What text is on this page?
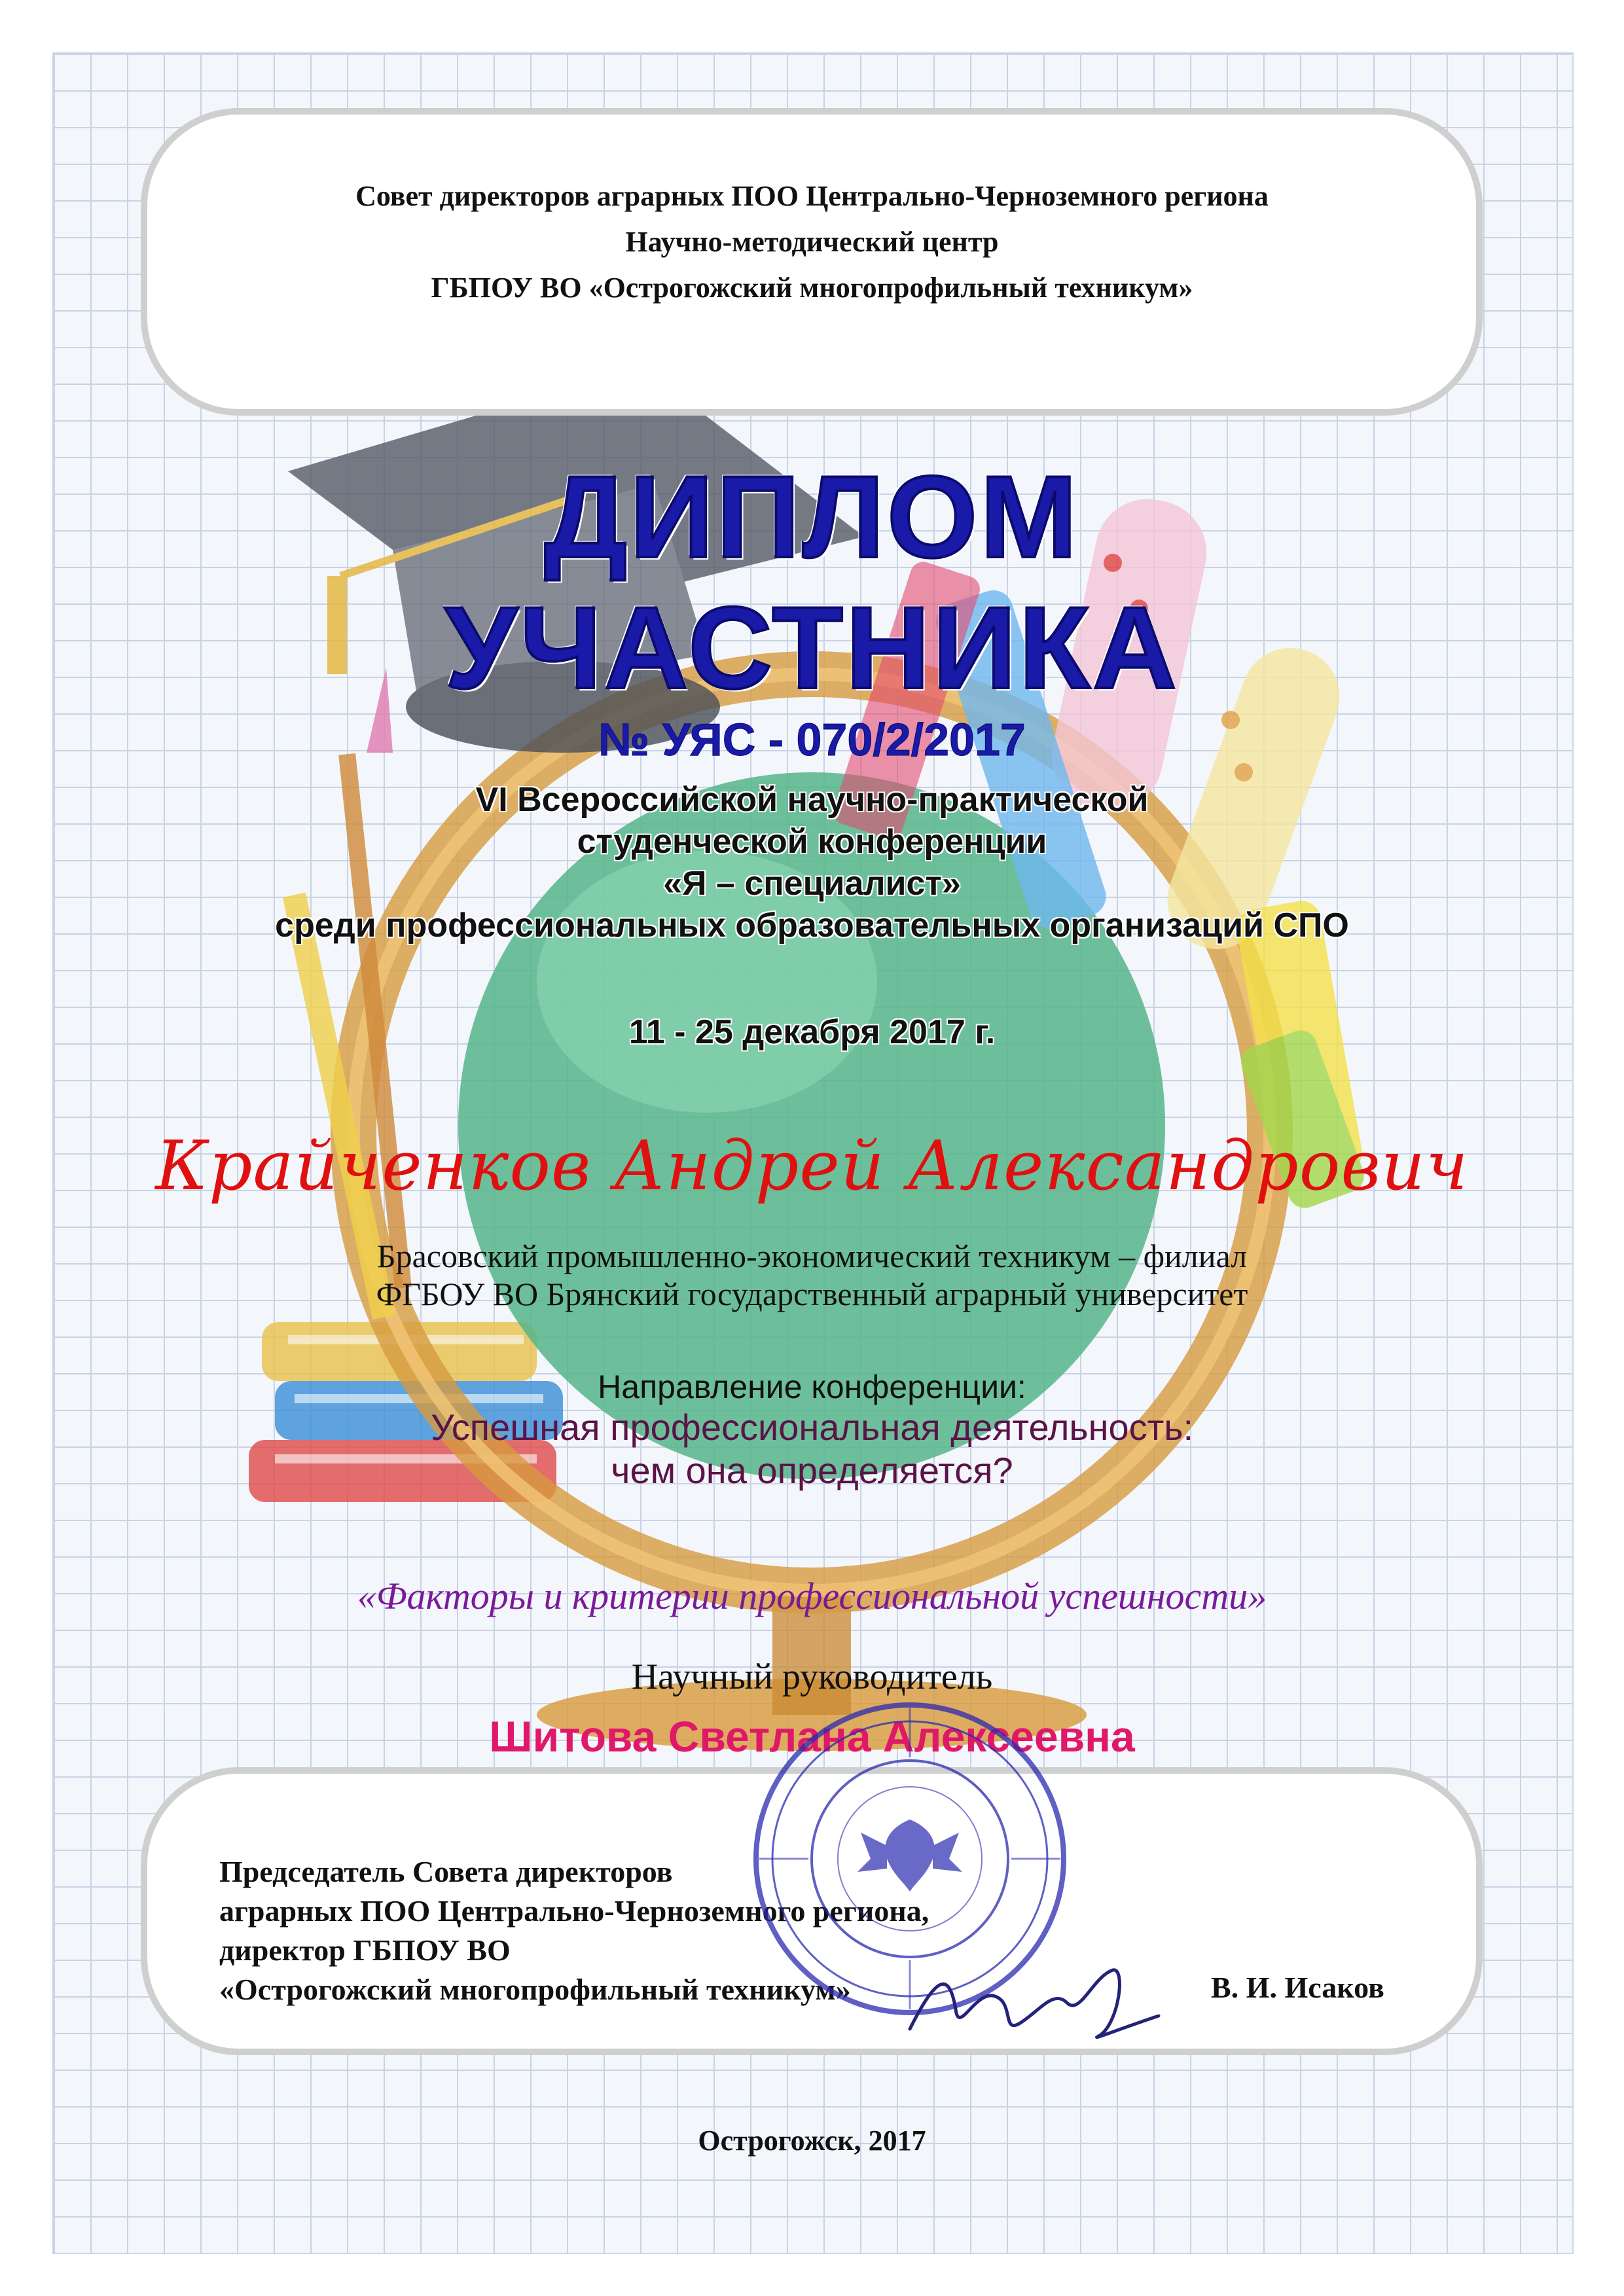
Совет директоров аграрных ПОО Центрально-Черноземного региона
Научно-методический центр
ГБПОУ ВО «Острогожский многопрофильный техникум»
ДИПЛОМ
УЧАСТНИКА
№ УЯС - 070/2/2017
VI Всероссийской научно-практической
студенческой конференции
«Я – специалист»
среди профессиональных образовательных организаций СПО
11 - 25 декабря 2017 г.
Крайченков Андрей Александрович
Брасовский промышленно-экономический техникум – филиал
ФГБОУ ВО Брянский государственный аграрный университет
Направление конференции:
Успешная профессиональная деятельность:
чем она определяется?
«Факторы и критерии профессиональной успешности»
Научный руководитель
Шитова Светлана Алексеевна
Председатель Совета директоров
аграрных ПОО Центрально-Черноземного региона,
директор ГБПОУ ВО
«Острогожский многопрофильный техникум»	В. И. Исаков
Острогожск, 2017
